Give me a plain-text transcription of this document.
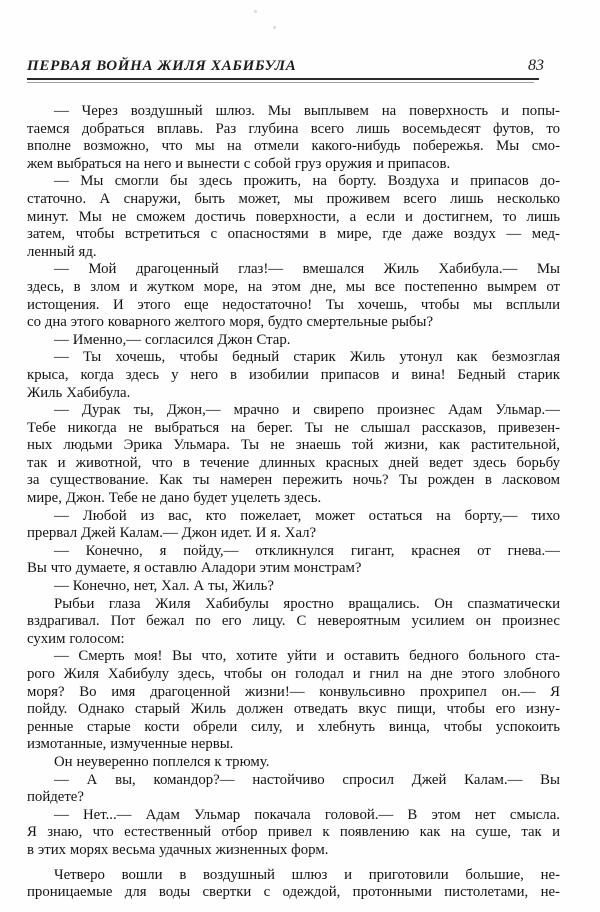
ПЕРВАЯ ВОЙНА ЖИЛЯ ХАБИБУЛА	83
— Через воздушный шлюз. Мы выплывем на поверхность и попы-
таемся добраться вплавь. Раз глубина всего лишь восемьдесят футов, то
вполне возможно, что мы на отмели какого-нибудь побережья. Мы смо-
жем выбраться на него и вынести с собой груз оружия и припасов.
— Мы смогли бы здесь прожить, на борту. Воздуха и припасов до-
статочно. А снаружи, быть может, мы проживем всего лишь несколько
минут. Мы не сможем достичь поверхности, а если и достигнем, то лишь
затем, чтобы встретиться с опасностями в мире, где даже воздух — мед-
ленный яд.
— Мой драгоценный глаз!— вмешался Жиль Хабибула.— Мы
здесь, в злом и жутком море, на этом дне, мы все постепенно вымрем от
истощения. И этого еще недостаточно! Ты хочешь, чтобы мы всплыли
со дна этого коварного желтого моря, будто смертельные рыбы?
— Именно,— согласился Джон Стар.
— Ты хочешь, чтобы бедный старик Жиль утонул как безмозглая
крыса, когда здесь у него в изобилии припасов и вина! Бедный старик
Жиль Хабибула.
— Дурак ты, Джон,— мрачно и свирепо произнес Адам Ульмар.—
Тебе никогда не выбраться на берег. Ты не слышал рассказов, привезен-
ных людьми Эрика Ульмара. Ты не знаешь той жизни, как растительной,
так и животной, что в течение длинных красных дней ведет здесь борьбу
за существование. Как ты намерен пережить ночь? Ты рожден в ласковом
мире, Джон. Тебе не дано будет уцелеть здесь.
— Любой из вас, кто пожелает, может остаться на борту,— тихо
прервал Джей Калам.— Джон идет. И я. Хал?
— Конечно, я пойду,— откликнулся гигант, краснея от гнева.—
Вы что думаете, я оставлю Аладори этим монстрам?
— Конечно, нет, Хал. А ты, Жиль?
Рыбьи глаза Жиля Хабибулы яростно вращались. Он спазматически
вздрагивал. Пот бежал по его лицу. С невероятным усилием он произнес
сухим голосом:
— Смерть моя! Вы что, хотите уйти и оставить бедного больного ста-
рого Жиля Хабибулу здесь, чтобы он голодал и гнил на дне этого злобного
моря? Во имя драгоценной жизни!— конвульсивно прохрипел он.— Я
пойду. Однако старый Жиль должен отведать вкус пищи, чтобы его изну-
ренные старые кости обрели силу, и хлебнуть винца, чтобы успокоить
измотанные, измученные нервы.
Он неуверенно поплелся к трюму.
— А вы, командор?— настойчиво спросил Джей Калам.— Вы
пойдете?
— Нет...— Адам Ульмар покачала головой.— В этом нет смысла.
Я знаю, что естественный отбор привел к появлению как на суше, так и
в этих морях весьма удачных жизненных форм.
Четверо вошли в воздушный шлюз и приготовили большие, не-
проницаемые для воды свертки с одеждой, протонными пистолетами, не-
